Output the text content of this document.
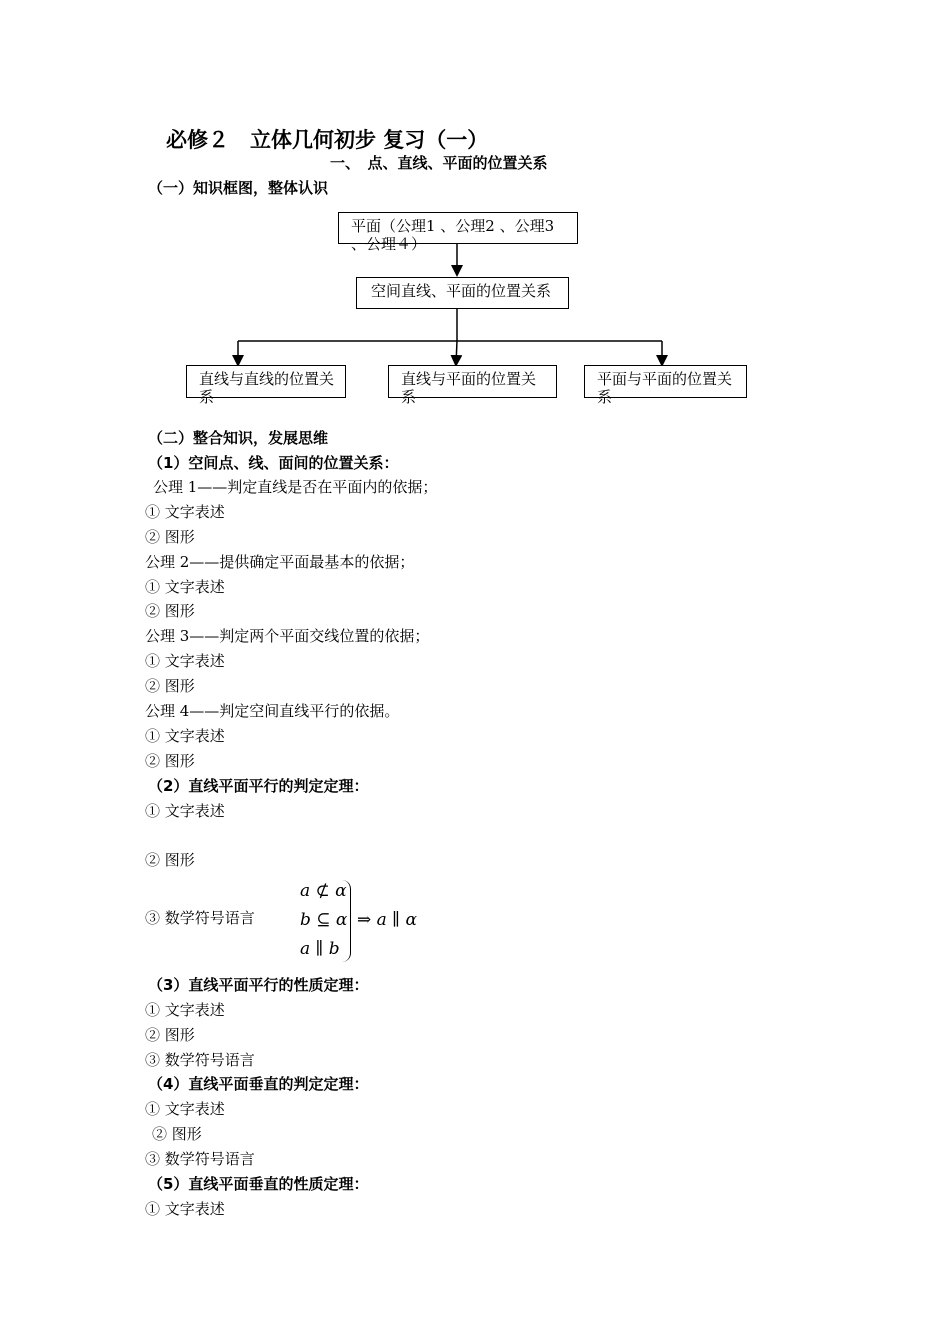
必修２　立体几何初步 复习（一）
一、　点、直线、平面的位置关系
（一）知识框图，整体认识
平面（公理1 、公理2 、公理3 、公理４）
空间直线、平面的位置关系
直线与直线的位置关系
直线与平面的位置关系
平面与平面的位置关系
（二）整合知识，发展思维
（1）空间点、线、面间的位置关系：
公理 1——判定直线是否在平面内的依据；
① 文字表述
② 图形
公理 2——提供确定平面最基本的依据；
① 文字表述
② 图形
公理 3——判定两个平面交线位置的依据；
① 文字表述
② 图形
公理 4——判定空间直线平行的依据。
① 文字表述
② 图形
（2）直线平面平行的判定定理：
① 文字表述
② 图形
③ 数学符号语言
a ⊄ α
b ⊆ α
a ∥ b
⇒ a ∥ α
（3）直线平面平行的性质定理：
① 文字表述
② 图形
③ 数学符号语言
（4）直线平面垂直的判定定理：
① 文字表述
② 图形
③ 数学符号语言
（5）直线平面垂直的性质定理：
① 文字表述
